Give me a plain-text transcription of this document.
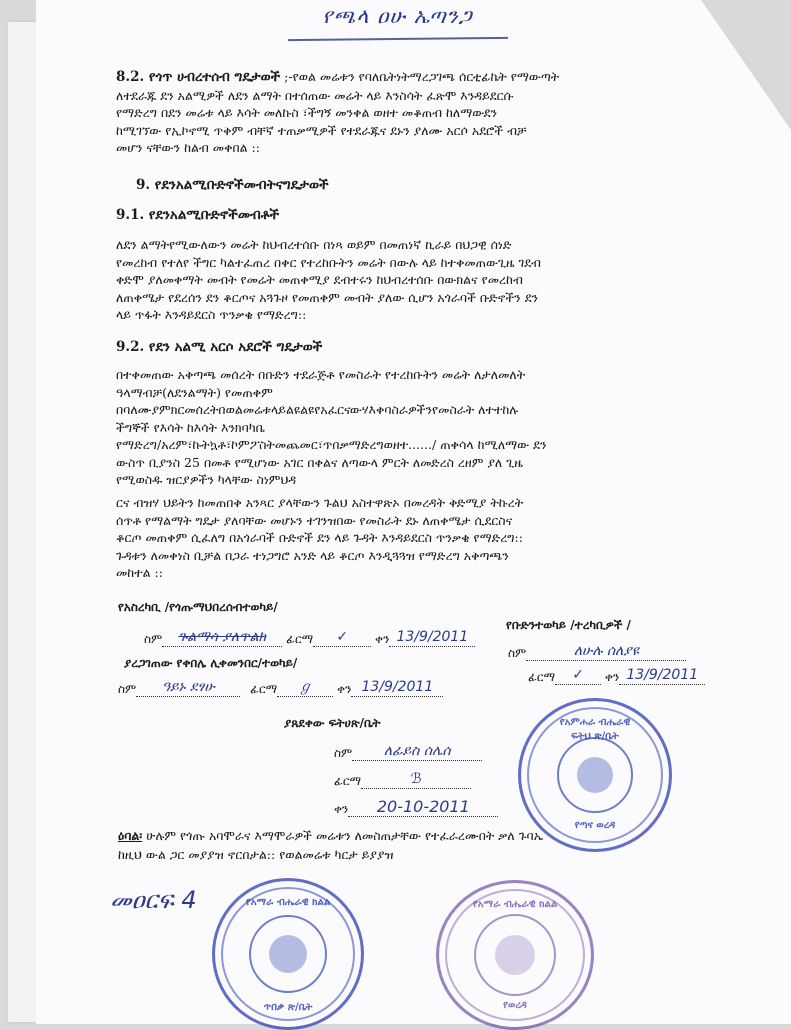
የጫላ ዐሁ ኤጣንጋ
8.2. የጎጥ ሀብረተሰብ ግዴታወች ;-የወል መሬቱን የባለቤትነትማረጋገጫ ሰርቲፊኬት የማውጣት
ለተደራጁ ደን አልሚዎች ለደን ልማት በተሰጠው መሬት ላይ እንስሳት ፈጽሞ እንዳይደርሱ
የማድረግ በደን መሬቱ ላይ እሳት መለኩስ ፣ችግኝ መንቀል ወዘተ መቆጠብ ከለማውደን
ከሚገኘው የኢኮኖሚ ጥቅም ብቸኛ ተጠቃሚዎች የተደራጁና ደኑን ያለሙ አርሶ አደሮች ብቻ
መሆን ናቸውን ከልብ መቀበል ::
9. የደንአልሚቡድኖችመብትናግዴታወች
9.1. የደንአልሚቡድኖችመብቶች
ለደን ልማትየሚውለውን መሬት ከህብረተሰቡ በነጻ ወይም በመጠነኛ ኪራይ በህጋዊ ሰነድ
የመረከብ የተለየ ችግር ካልተፈጠረ በቀር የተረከቡትን መሬት በውሉ ላይ ከተቀመጠውጊዜ ገደብ
ቀድሞ ያለመቀማት መብት የመሬት መጠቀሚያ ደብተሩን ከህብረተሰቡ በውክልና የመረከብ
ለጠቀሜታ የደረሰን ደን ቆርጦና አጓጉዞ የመጠቀም መብት ያለው ሲሆን አጎራባች ቡድኖችን ደን
ላይ ጥፋት እንዳይደርስ ጥንቃቄ የማድረግ::
9.2. የደን አልሚ አርሶ አደሮች ግዴታወች
በተቀመጠው አቅጣጫ መሰረት በቡድን ተደራጅቶ የመስራት የተረከቡትን መሬት ለታለመለት
ዓላማብቻ(ለደንልማት) የመጠቀም
በባለሙያምክርመሰረትበወልመሬቱላይልዩልዩየአፈርናውሃእቀባስራዎችንየመስራት ለተተከሉ
ችግኞች የእሳት ከእሳት እንክባካቤ
የማድረግ/አረም፣ኩትኳቶ፣ኮምፖስትመጨመር፣ጥበቃማድረግወዘተ....../ ጠቀሳላ ከሚለማው ደን
ውስጥ ቢያንስ 25 በመቶ የሚሆነው አገር በቀልና ለጣውላ ምርት ለመድረስ ረዘም ያለ ጊዜ
የሚወስዱ ዝርያዎችን ካላቸው ስነምህዳ
ርና ብዝሃ ህይትን ከመጠበቅ አንጻር ያላቸውን ጉልህ አስተዋጽኦ በመረዳት ቅድሚያ ትኩረት
ሰጥቶ የማልማት ግዴታ ያለባቸው መሆኑን ተገንዝበው የመስራት ደኑ ለጠቀሜታ ሲደርስና
ቆርጦ መጠቀም ሲፈለግ በአጎራባች ቡድኖች ደን ላይ ጉዳት እንዳይደርስ ጥንቃቄ የማድረግ::
ጉዳቱን ለመቀነስ ቢቻል በጋራ ተነጋግሮ አንድ ላይ ቆርጦ እንዲጓጓዝ የማድረግ አቅጣጫን
መከተል ::
የአስረካቢ /የጎጡማህበረሰብተወካይ/
ስም ጉልማሳ ያለጥልክ ፊርማ ✓ ቀን 13/9/2011
ያረጋገጠው የቀበሌ ሊቀመንበር/ተወካይ/
ስም ዓይኑ ደፃሁ	ፊርማ ℊ ቀን 13/9/2011
የቡድንተወካይ /ተረካቢዎች /
ስም	ለሁሉ ሰለያዩ
ፊርማ ✓ ቀን 13/9/2011
ያጸደቀው ፍትሀጽ/ቤት
ስም ለፊይስ ሰሌሰ
ፊርማ	ℬ
ቀን 20-10-2011
ዕባል፡ ሁሉም የጎጡ አባሞራና እማሞራዎች መሬቱን ለመስጠታቸው የተፈራረሙበት ቃለ ጉባኤ
ከዚህ ውል ጋር መያያዝ ኖርበታል:: የወልመሬቱ ካርታ ይያያዝ
መዐርፍ 4
የአምሐራ ብሔራዊ
ፍትህ ጽ/ቤት
የጣና ወረዳ
የአማራ ብሔራዊ ክልል
ጥበቃ ጽ/ቤት
የአማራ ብሔራዊ ክልል
የወረዳ
